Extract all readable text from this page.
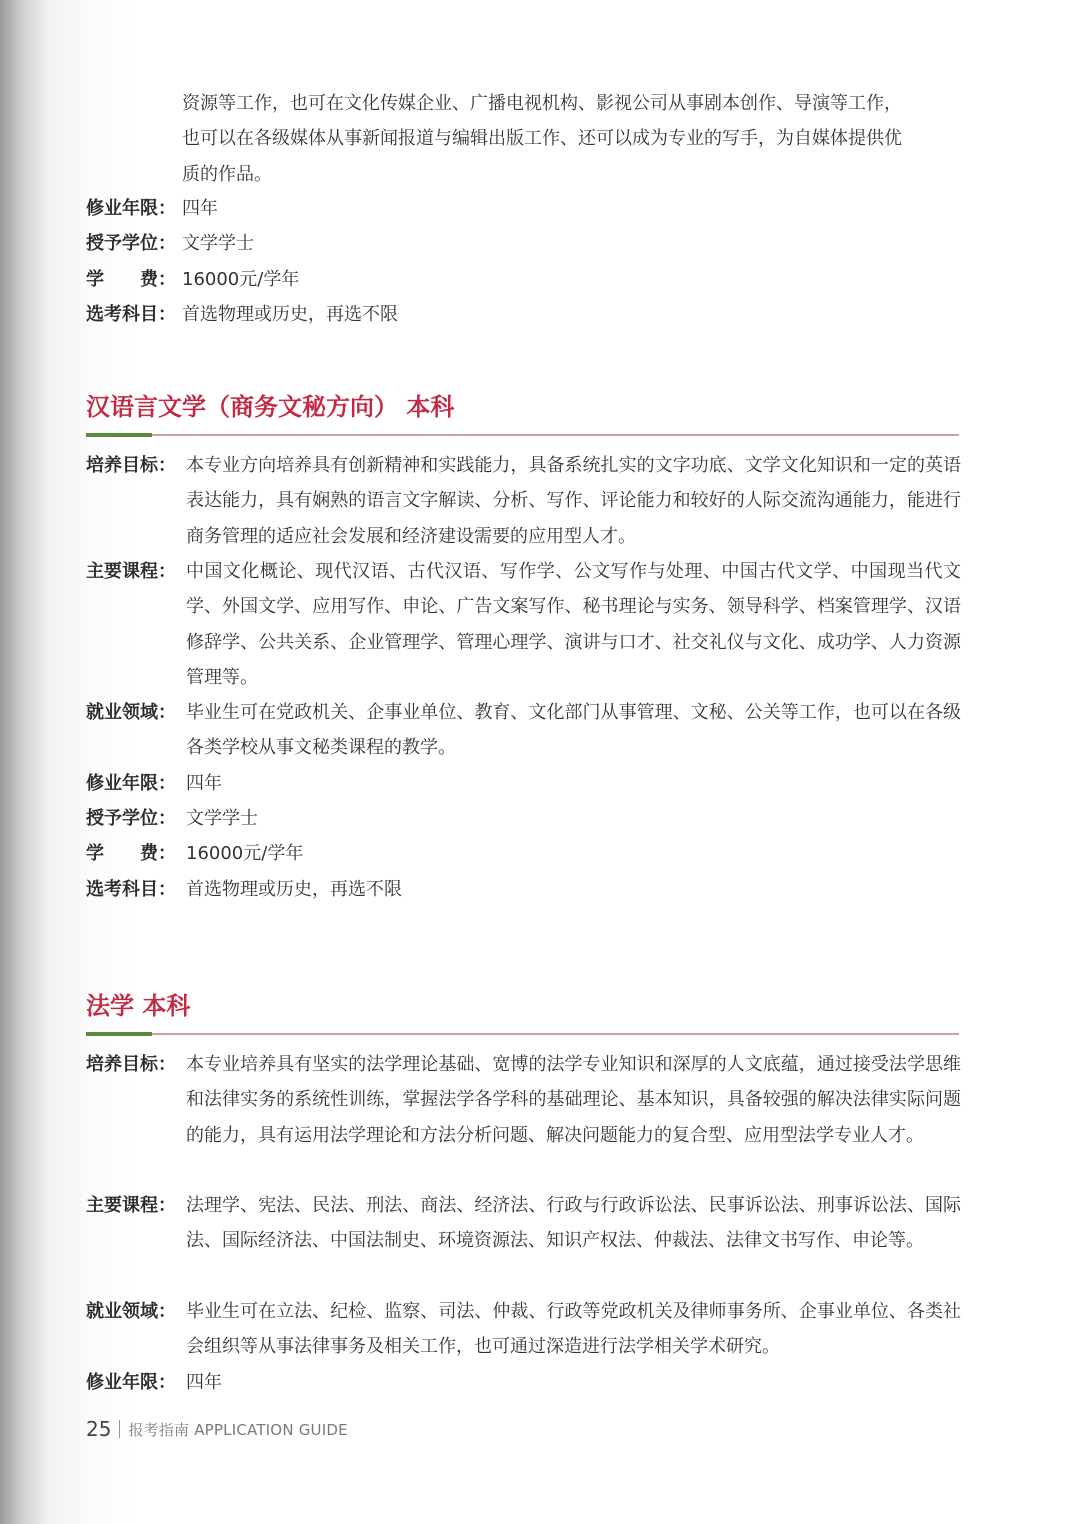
资源等工作，也可在文化传媒企业、广播电视机构、影视公司从事剧本创作、导演等工作，
也可以在各级媒体从事新闻报道与编辑出版工作、还可以成为专业的写手，为自媒体提供优
质的作品。
修业年限： 四年
授予学位： 文学学士
学　　费： 16000元/学年
选考科目： 首选物理或历史，再选不限
汉语言文学（商务文秘方向） 本科
培养目标： 本专业方向培养具有创新精神和实践能力，具备系统扎实的文字功底、文学文化知识和一定的英语表达能力，具有娴熟的语言文字解读、分析、写作、评论能力和较好的人际交流沟通能力，能进行商务管理的适应社会发展和经济建设需要的应用型人才。
主要课程： 中国文化概论、现代汉语、古代汉语、写作学、公文写作与处理、中国古代文学、中国现当代文学、外国文学、应用写作、申论、广告文案写作、秘书理论与实务、领导科学、档案管理学、汉语修辞学、公共关系、企业管理学、管理心理学、演讲与口才、社交礼仪与文化、成功学、人力资源管理等。
就业领域： 毕业生可在党政机关、企事业单位、教育、文化部门从事管理、文秘、公关等工作，也可以在各级各类学校从事文秘类课程的教学。
修业年限： 四年
授予学位： 文学学士
学　　费： 16000元/学年
选考科目： 首选物理或历史，再选不限
法学 本科
培养目标： 本专业培养具有坚实的法学理论基础、宽博的法学专业知识和深厚的人文底蕴，通过接受法学思维和法律实务的系统性训练，掌握法学各学科的基础理论、基本知识，具备较强的解决法律实际问题的能力，具有运用法学理论和方法分析问题、解决问题能力的复合型、应用型法学专业人才。
主要课程： 法理学、宪法、民法、刑法、商法、经济法、行政与行政诉讼法、民事诉讼法、刑事诉讼法、国际法、国际经济法、中国法制史、环境资源法、知识产权法、仲裁法、法律文书写作、申论等。
就业领域： 毕业生可在立法、纪检、监察、司法、仲裁、行政等党政机关及律师事务所、企事业单位、各类社会组织等从事法律事务及相关工作，也可通过深造进行法学相关学术研究。
修业年限： 四年
25 报考指南 APPLICATION GUIDE
